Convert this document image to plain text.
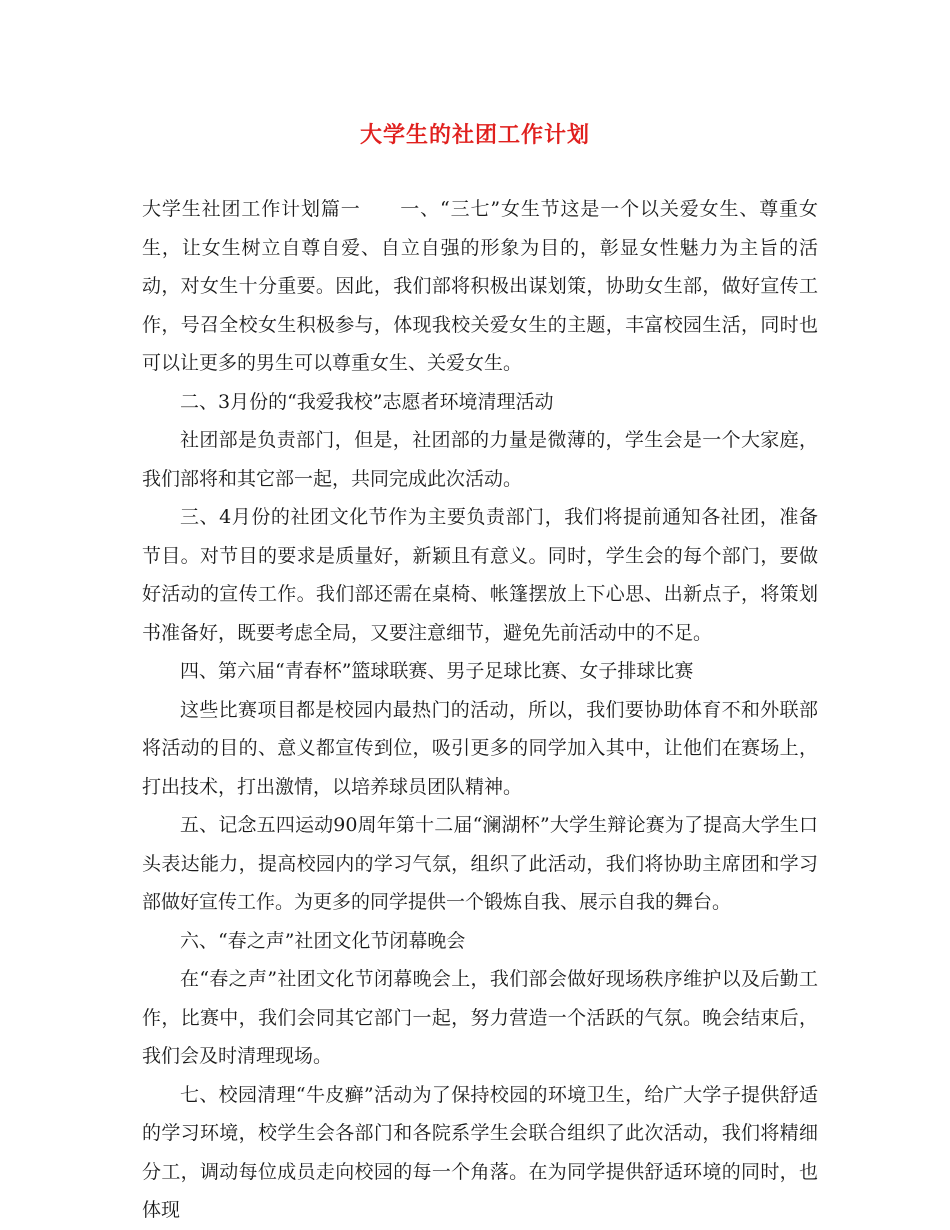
大学生的社团工作计划

大学生社团工作计划篇一　　一、“三七”女生节这是一个以关爱女生、尊重女生，让女生树立自尊自爱、自立自强的形象为目的，彰显女性魅力为主旨的活动，对女生十分重要。因此，我们部将积极出谋划策，协助女生部，做好宣传工作，号召全校女生积极参与，体现我校关爱女生的主题，丰富校园生活，同时也可以让更多的男生可以尊重女生、关爱女生。

二、3月份的“我爱我校”志愿者环境清理活动

社团部是负责部门，但是，社团部的力量是微薄的，学生会是一个大家庭，我们部将和其它部一起，共同完成此次活动。

三、4月份的社团文化节作为主要负责部门，我们将提前通知各社团，准备节目。对节目的要求是质量好，新颖且有意义。同时，学生会的每个部门，要做好活动的宣传工作。我们部还需在桌椅、帐篷摆放上下心思、出新点子，将策划书准备好，既要考虑全局，又要注意细节，避免先前活动中的不足。

四、第六届“青春杯”篮球联赛、男子足球比赛、女子排球比赛

这些比赛项目都是校园内最热门的活动，所以，我们要协助体育不和外联部将活动的目的、意义都宣传到位，吸引更多的同学加入其中，让他们在赛场上，打出技术，打出激情，以培养球员团队精神。

五、记念五四运动90周年第十二届“澜湖杯”大学生辩论赛为了提高大学生口头表达能力，提高校园内的学习气氛，组织了此活动，我们将协助主席团和学习部做好宣传工作。为更多的同学提供一个锻炼自我、展示自我的舞台。

六、“春之声”社团文化节闭幕晚会

在“春之声”社团文化节闭幕晚会上，我们部会做好现场秩序维护以及后勤工作，比赛中，我们会同其它部门一起，努力营造一个活跃的气氛。晚会结束后，我们会及时清理现场。

七、校园清理“牛皮癣”活动为了保持校园的环境卫生，给广大学子提供舒适的学习环境，校学生会各部门和各院系学生会联合组织了此次活动，我们将精细分工，调动每位成员走向校园的每一个角落。在为同学提供舒适环境的同时，也体现
